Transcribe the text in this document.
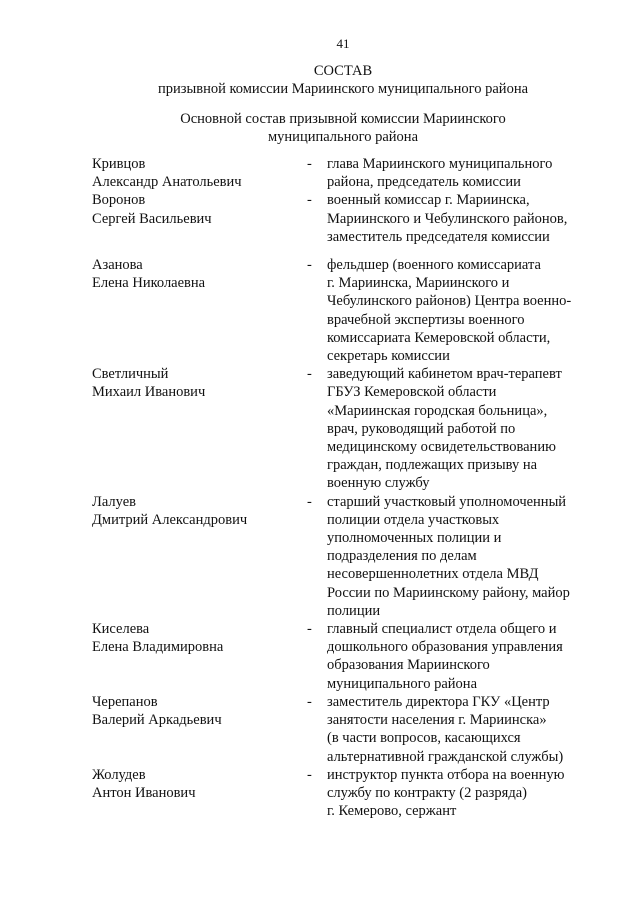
41
СОСТАВ
призывной комиссии Мариинского муниципального района
Основной состав призывной комиссии Мариинского
муниципального района
Кривцов
Александр Анатольевич
-	глава Мариинского муниципального
района, председатель комиссии
Воронов
Сергей Васильевич
-	военный комиссар г. Мариинска,
Мариинского и Чебулинского районов,
заместитель председателя комиссии
Азанова
Елена Николаевна
-	фельдшер (военного комиссариата
г. Мариинска, Мариинского и
Чебулинского районов) Центра военно-
врачебной экспертизы военного
комиссариата Кемеровской области,
секретарь комиссии
Светличный
Михаил Иванович
-	заведующий кабинетом врач-терапевт
ГБУЗ Кемеровской области
«Мариинская городская больница»,
врач, руководящий работой по
медицинскому освидетельствованию
граждан, подлежащих призыву на
военную службу
Лалуев
Дмитрий Александрович
-	старший участковый уполномоченный
полиции отдела участковых
уполномоченных полиции и
подразделения по делам
несовершеннолетних отдела МВД
России по Мариинскому району, майор
полиции
Киселева
Елена Владимировна
-	главный специалист отдела общего и
дошкольного образования управления
образования Мариинского
муниципального района
Черепанов
Валерий Аркадьевич
-	заместитель директора ГКУ «Центр
занятости населения г. Мариинска»
(в части вопросов, касающихся
альтернативной гражданской службы)
Жолудев
Антон Иванович
-	инструктор пункта отбора на военную
службу по контракту (2 разряда)
г. Кемерово, сержант
